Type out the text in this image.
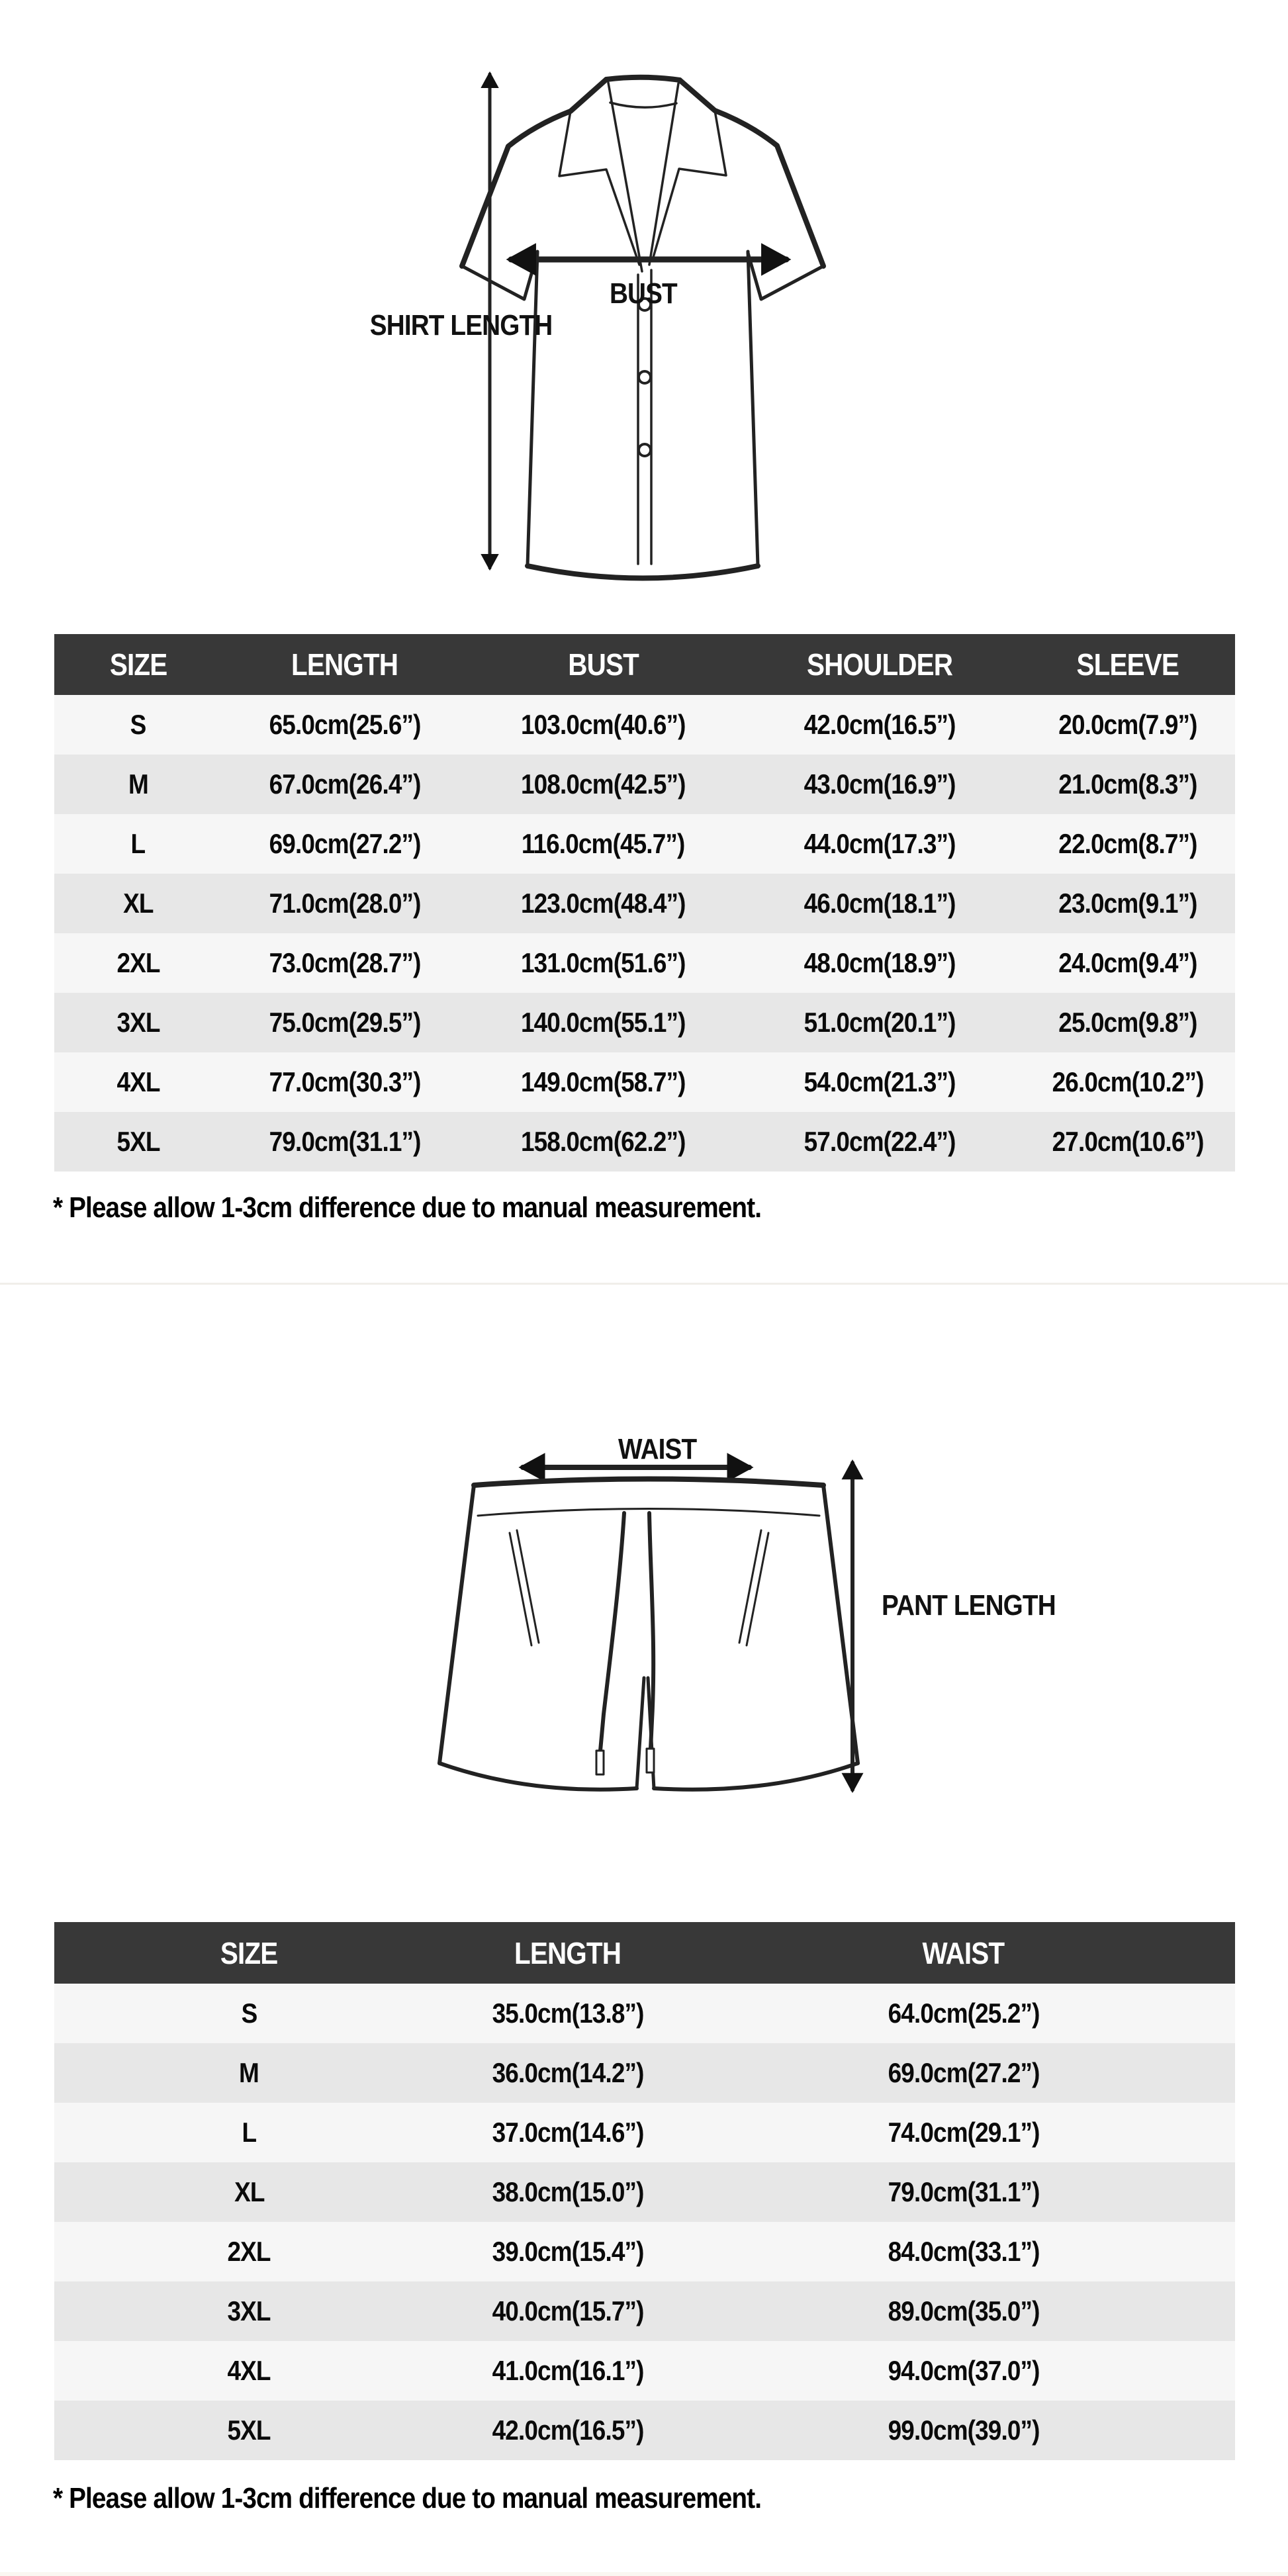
SHIRT LENGTH
BUST
SIZE	LENGTH	BUST	SHOULDER	SLEEVE
S	65.0cm(25.6”)	103.0cm(40.6”)	42.0cm(16.5”)	20.0cm(7.9”)
M	67.0cm(26.4”)	108.0cm(42.5”)	43.0cm(16.9”)	21.0cm(8.3”)
L	69.0cm(27.2”)	116.0cm(45.7”)	44.0cm(17.3”)	22.0cm(8.7”)
XL	71.0cm(28.0”)	123.0cm(48.4”)	46.0cm(18.1”)	23.0cm(9.1”)
2XL	73.0cm(28.7”)	131.0cm(51.6”)	48.0cm(18.9”)	24.0cm(9.4”)
3XL	75.0cm(29.5”)	140.0cm(55.1”)	51.0cm(20.1”)	25.0cm(9.8”)
4XL	77.0cm(30.3”)	149.0cm(58.7”)	54.0cm(21.3”)	26.0cm(10.2”)
5XL	79.0cm(31.1”)	158.0cm(62.2”)	57.0cm(22.4”)	27.0cm(10.6”)
* Please allow 1-3cm difference due to manual measurement.
WAIST
PANT LENGTH
SIZE	LENGTH	WAIST
S	35.0cm(13.8”)	64.0cm(25.2”)
M	36.0cm(14.2”)	69.0cm(27.2”)
L	37.0cm(14.6”)	74.0cm(29.1”)
XL	38.0cm(15.0”)	79.0cm(31.1”)
2XL	39.0cm(15.4”)	84.0cm(33.1”)
3XL	40.0cm(15.7”)	89.0cm(35.0”)
4XL	41.0cm(16.1”)	94.0cm(37.0”)
5XL	42.0cm(16.5”)	99.0cm(39.0”)
* Please allow 1-3cm difference due to manual measurement.
